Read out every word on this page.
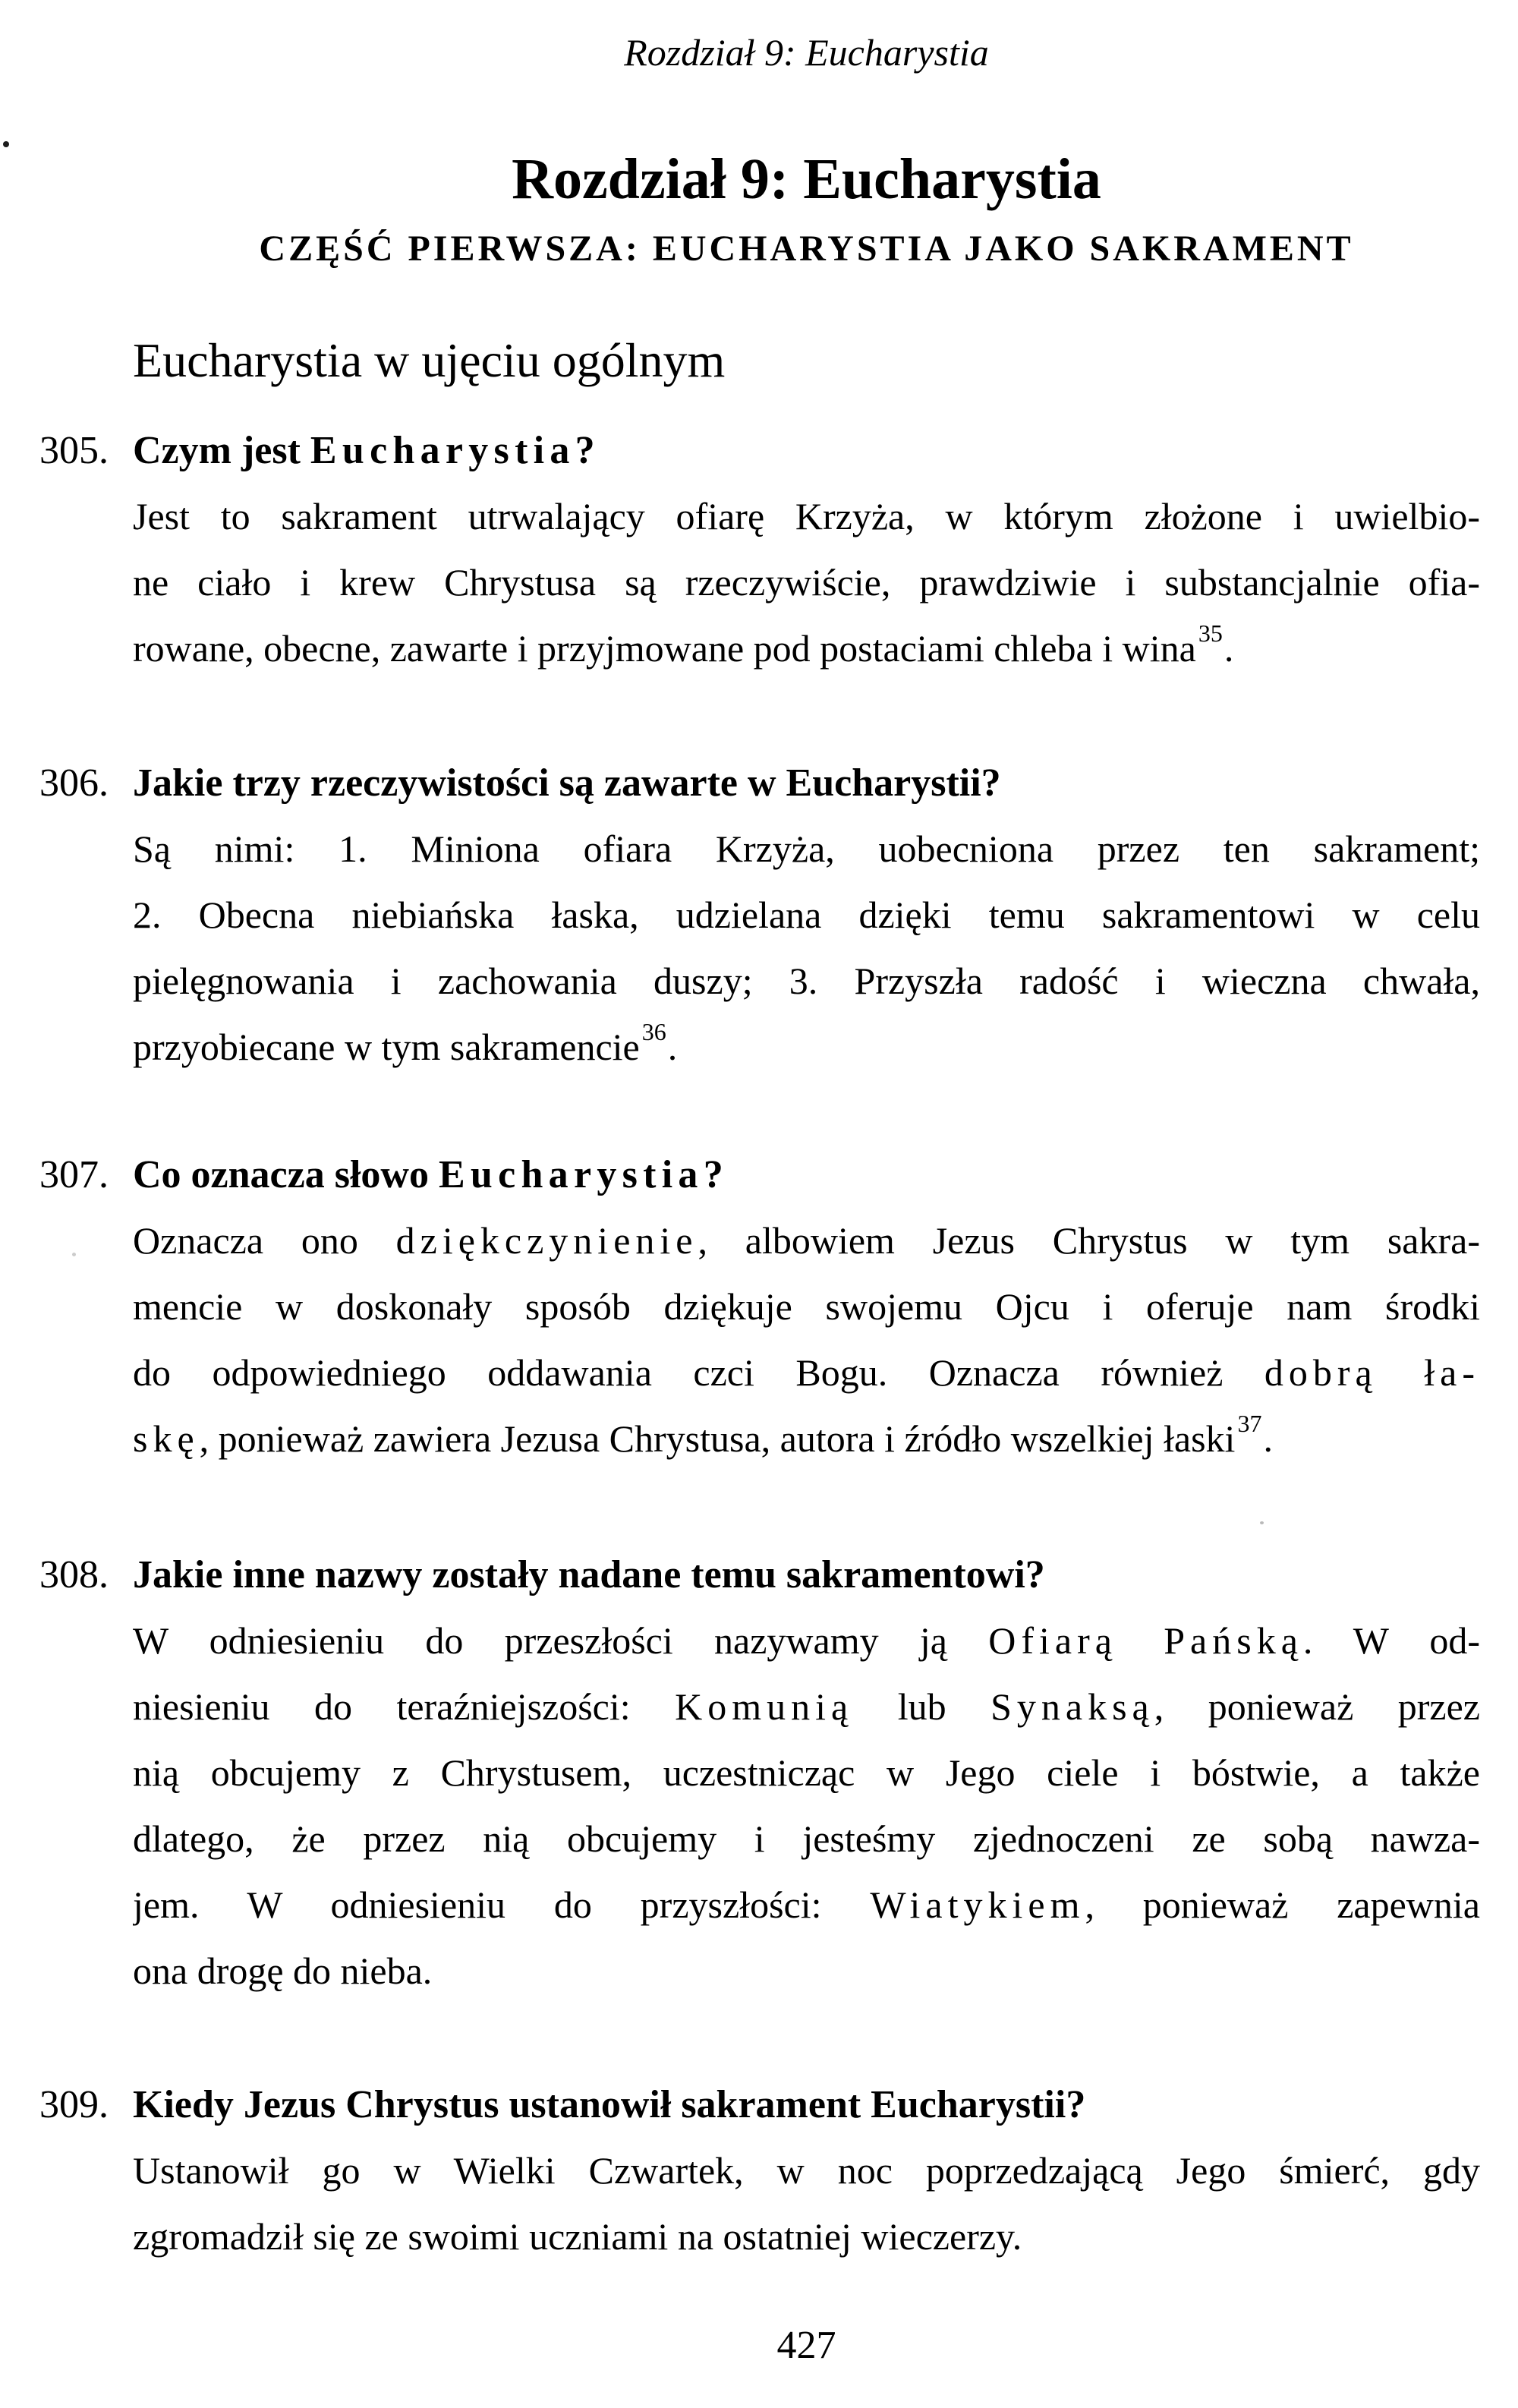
Rozdział 9: Eucharystia
Rozdział 9: Eucharystia
CZĘŚĆ PIERWSZA: EUCHARYSTIA JAKO SAKRAMENT
Eucharystia w ujęciu ogólnym
305. Czym jest Eucharystia?
Jest to sakrament utrwalający ofiarę Krzyża, w którym złożone i uwielbio-
ne ciało i krew Chrystusa są rzeczywiście, prawdziwie i substancjalnie ofia-
rowane, obecne, zawarte i przyjmowane pod postaciami chleba i wina$^{35}$.
306. Jakie trzy rzeczywistości są zawarte w Eucharystii?
Są nimi: 1. Miniona ofiara Krzyża, uobecniona przez ten sakrament;
2. Obecna niebiańska łaska, udzielana dzięki temu sakramentowi w celu
pielęgnowania i zachowania duszy; 3. Przyszła radość i wieczna chwała,
przyobiecane w tym sakramencie$^{36}$.
307. Co oznacza słowo Eucharystia?
Oznacza ono dziękczynienie, albowiem Jezus Chrystus w tym sakra-
mencie w doskonały sposób dziękuje swojemu Ojcu i oferuje nam środki
do odpowiedniego oddawania czci Bogu. Oznacza również dobrą ła-
skę, ponieważ zawiera Jezusa Chrystusa, autora i źródło wszelkiej łaski$^{37}$.
308. Jakie inne nazwy zostały nadane temu sakramentowi?
W odniesieniu do przeszłości nazywamy ją Ofiarą Pańską. W od-
niesieniu do teraźniejszości: Komunią lub Synaksą, ponieważ przez
nią obcujemy z Chrystusem, uczestnicząc w Jego ciele i bóstwie, a także
dlatego, że przez nią obcujemy i jesteśmy zjednoczeni ze sobą nawza-
jem. W odniesieniu do przyszłości: Wiatykiem, ponieważ zapewnia
ona drogę do nieba.
309. Kiedy Jezus Chrystus ustanowił sakrament Eucharystii?
Ustanowił go w Wielki Czwartek, w noc poprzedzającą Jego śmierć, gdy
zgromadził się ze swoimi uczniami na ostatniej wieczerzy.
427
